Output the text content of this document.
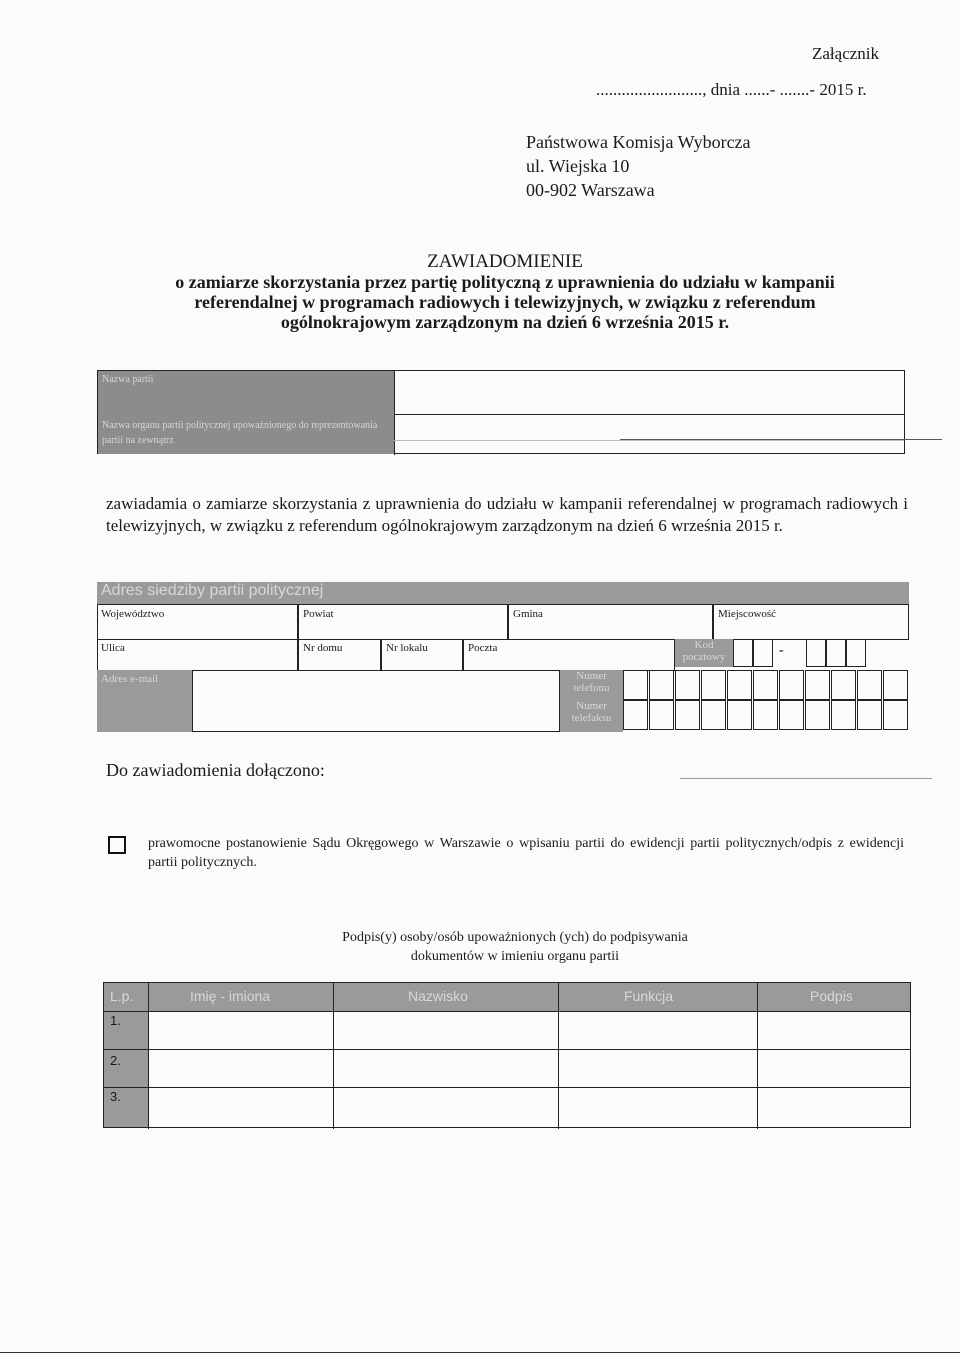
Załącznik
........................., dnia ......- .......- 2015 r.
Państwowa Komisja Wyborcza
ul. Wiejska 10
00-902 Warszawa
ZAWIADOMIENIE
o zamiarze skorzystania przez partię polityczną z uprawnienia do udziału w kampanii
referendalnej w programach radiowych i telewizyjnych, w związku z referendum
ogólnokrajowym zarządzonym na dzień 6 września 2015 r.
Nazwa partii
Nazwa organu partii politycznej upoważnionego do reprezentowania partii na zewnątrz
zawiadamia o zamiarze skorzystania z uprawnienia do udziału w kampanii referendalnej w programach radiowych i telewizyjnych, w związku z referendum ogólnokrajowym zarządzonym na dzień 6 września 2015 r.
Adres siedziby partii politycznej
Województwo	Powiat	Gmina	Miejscowość
Ulica	Nr domu	Nr lokalu	Poczta	Kod pocztowy	-
Adres e-mail	Numer telefonu
Numer telefaksu
Do zawiadomienia dołączono:
prawomocne postanowienie Sądu Okręgowego w Warszawie o wpisaniu partii do ewidencji partii politycznych/odpis z ewidencji partii politycznych.
Podpis(y) osoby/osób upoważnionych (ych) do podpisywania
dokumentów w imieniu organu partii
L.p.	Imię - imiona	Nazwisko	Funkcja	Podpis
1.
2.
3.
